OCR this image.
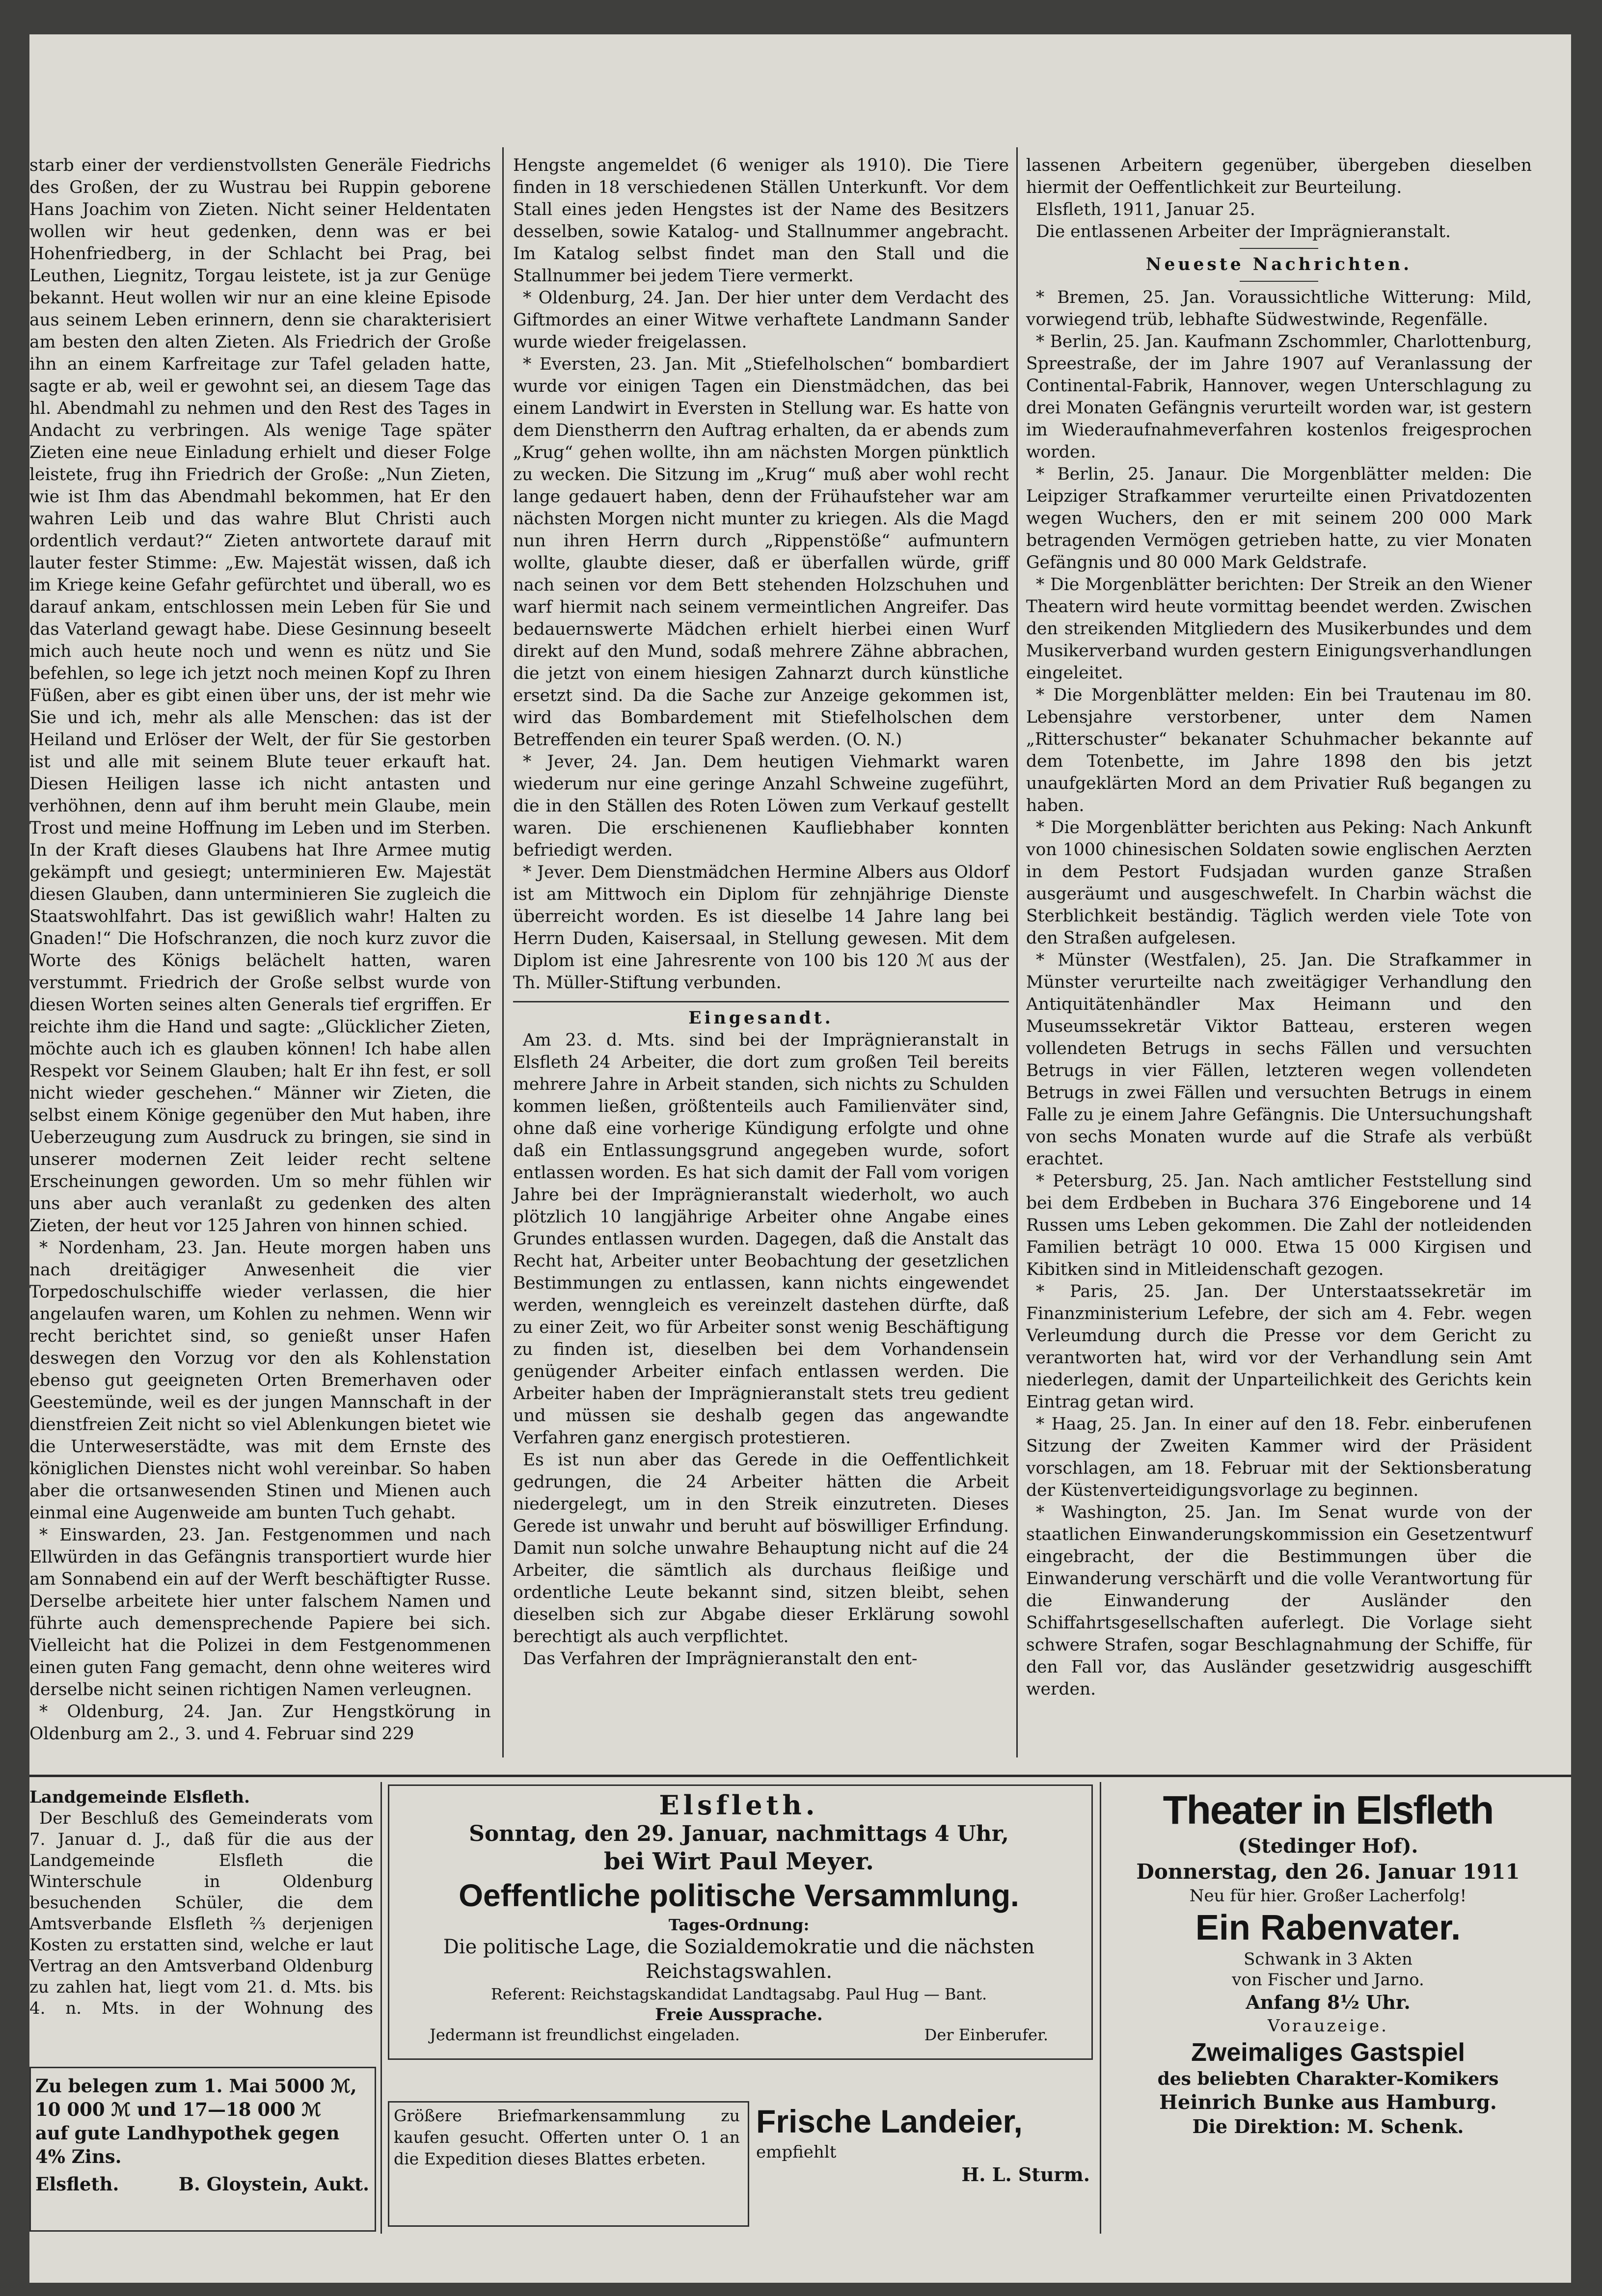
starb einer der verdienstvollsten Generäle Fiedrichs des Großen, der zu Wustrau bei Ruppin geborene Hans Joachim von Zieten. Nicht seiner Heldentaten wollen wir heut gedenken, denn was er bei Hohenfriedberg, in der Schlacht bei Prag, bei Leuthen, Liegnitz, Torgau leistete, ist ja zur Genüge bekannt. Heut wollen wir nur an eine kleine Episode aus seinem Leben erinnern, denn sie charakterisiert am besten den alten Zieten. Als Friedrich der Große ihn an einem Karfreitage zur Tafel geladen hatte, sagte er ab, weil er gewohnt sei, an diesem Tage das hl. Abendmahl zu nehmen und den Rest des Tages in Andacht zu verbringen. Als wenige Tage später Zieten eine neue Einladung erhielt und dieser Folge leistete, frug ihn Friedrich der Große: „Nun Zieten, wie ist Ihm das Abendmahl bekommen, hat Er den wahren Leib und das wahre Blut Christi auch ordentlich verdaut?“ Zieten antwortete darauf mit lauter fester Stimme: „Ew. Majestät wissen, daß ich im Kriege keine Gefahr gefürchtet und überall, wo es darauf ankam, entschlossen mein Leben für Sie und das Vaterland gewagt habe. Diese Gesinnung beseelt mich auch heute noch und wenn es nütz und Sie befehlen, so lege ich jetzt noch meinen Kopf zu Ihren Füßen, aber es gibt einen über uns, der ist mehr wie Sie und ich, mehr als alle Menschen: das ist der Heiland und Erlöser der Welt, der für Sie gestorben ist und alle mit seinem Blute teuer erkauft hat. Diesen Heiligen lasse ich nicht antasten und verhöhnen, denn auf ihm beruht mein Glaube, mein Trost und meine Hoffnung im Leben und im Sterben. In der Kraft dieses Glaubens hat Ihre Armee mutig gekämpft und gesiegt; unterminieren Ew. Majestät diesen Glauben, dann unterminieren Sie zugleich die Staatswohlfahrt. Das ist gewißlich wahr! Halten zu Gnaden!“ Die Hofschranzen, die noch kurz zuvor die Worte des Königs belächelt hatten, waren verstummt. Friedrich der Große selbst wurde von diesen Worten seines alten Generals tief ergriffen. Er reichte ihm die Hand und sagte: „Glücklicher Zieten, möchte auch ich es glauben können! Ich habe allen Respekt vor Seinem Glauben; halt Er ihn fest, er soll nicht wieder geschehen.“ Männer wir Zieten, die selbst einem Könige gegenüber den Mut haben, ihre Ueberzeugung zum Ausdruck zu bringen, sie sind in unserer modernen Zeit leider recht seltene Erscheinungen geworden. Um so mehr fühlen wir uns aber auch veranlaßt zu gedenken des alten Zieten, der heut vor 125 Jahren von hinnen schied.

* Nordenham, 23. Jan. Heute morgen haben uns nach dreitägiger Anwesenheit die vier Torpedoschulschiffe wieder verlassen, die hier angelaufen waren, um Kohlen zu nehmen. Wenn wir recht berichtet sind, so genießt unser Hafen deswegen den Vorzug vor den als Kohlenstation ebenso gut geeigneten Orten Bremerhaven oder Geestemünde, weil es der jungen Mannschaft in der dienstfreien Zeit nicht so viel Ablenkungen bietet wie die Unterweserstädte, was mit dem Ernste des königlichen Dienstes nicht wohl vereinbar. So haben aber die ortsanwesenden Stinen und Mienen auch einmal eine Augenweide am bunten Tuch gehabt.

* Einswarden, 23. Jan. Festgenommen und nach Ellwürden in das Gefängnis transportiert wurde hier am Sonnabend ein auf der Werft beschäftigter Russe. Derselbe arbeitete hier unter falschem Namen und führte auch demensprechende Papiere bei sich. Vielleicht hat die Polizei in dem Festgenommenen einen guten Fang gemacht, denn ohne weiteres wird derselbe nicht seinen richtigen Namen verleugnen.

* Oldenburg, 24. Jan. Zur Hengstkörung in Oldenburg am 2., 3. und 4. Februar sind 229

Hengste angemeldet (6 weniger als 1910). Die Tiere finden in 18 verschiedenen Ställen Unterkunft. Vor dem Stall eines jeden Hengstes ist der Name des Besitzers desselben, sowie Katalog- und Stallnummer angebracht. Im Katalog selbst findet man den Stall und die Stallnummer bei jedem Tiere vermerkt.

* Oldenburg, 24. Jan. Der hier unter dem Verdacht des Giftmordes an einer Witwe verhaftete Landmann Sander wurde wieder freigelassen.

* Eversten, 23. Jan. Mit „Stiefelholschen“ bombardiert wurde vor einigen Tagen ein Dienstmädchen, das bei einem Landwirt in Eversten in Stellung war. Es hatte von dem Dienstherrn den Auftrag erhalten, da er abends zum „Krug“ gehen wollte, ihn am nächsten Morgen pünktlich zu wecken. Die Sitzung im „Krug“ muß aber wohl recht lange gedauert haben, denn der Frühaufsteher war am nächsten Morgen nicht munter zu kriegen. Als die Magd nun ihren Herrn durch „Rippenstöße“ aufmuntern wollte, glaubte dieser, daß er überfallen würde, griff nach seinen vor dem Bett stehenden Holzschuhen und warf hiermit nach seinem vermeintlichen Angreifer. Das bedauernswerte Mädchen erhielt hierbei einen Wurf direkt auf den Mund, sodaß mehrere Zähne abbrachen, die jetzt von einem hiesigen Zahnarzt durch künstliche ersetzt sind. Da die Sache zur Anzeige gekommen ist, wird das Bombardement mit Stiefelholschen dem Betreffenden ein teurer Spaß werden. (O. N.)

* Jever, 24. Jan. Dem heutigen Viehmarkt waren wiederum nur eine geringe Anzahl Schweine zugeführt, die in den Ställen des Roten Löwen zum Verkauf gestellt waren. Die erschienenen Kaufliebhaber konnten befriedigt werden.

* Jever. Dem Dienstmädchen Hermine Albers aus Oldorf ist am Mittwoch ein Diplom für zehnjährige Dienste überreicht worden. Es ist dieselbe 14 Jahre lang bei Herrn Duden, Kaisersaal, in Stellung gewesen. Mit dem Diplom ist eine Jahresrente von 100 bis 120 ℳ aus der Th. Müller-Stiftung verbunden.

Eingesandt.

Am 23. d. Mts. sind bei der Imprägnieranstalt in Elsfleth 24 Arbeiter, die dort zum großen Teil bereits mehrere Jahre in Arbeit standen, sich nichts zu Schulden kommen ließen, größtenteils auch Familienväter sind, ohne daß eine vorherige Kündigung erfolgte und ohne daß ein Entlassungsgrund angegeben wurde, sofort entlassen worden. Es hat sich damit der Fall vom vorigen Jahre bei der Imprägnieranstalt wiederholt, wo auch plötzlich 10 langjährige Arbeiter ohne Angabe eines Grundes entlassen wurden. Dagegen, daß die Anstalt das Recht hat, Arbeiter unter Beobachtung der gesetzlichen Bestimmungen zu entlassen, kann nichts eingewendet werden, wenngleich es vereinzelt dastehen dürfte, daß zu einer Zeit, wo für Arbeiter sonst wenig Beschäftigung zu finden ist, dieselben bei dem Vorhandensein genügender Arbeiter einfach entlassen werden. Die Arbeiter haben der Imprägnieranstalt stets treu gedient und müssen sie deshalb gegen das angewandte Verfahren ganz energisch protestieren.

Es ist nun aber das Gerede in die Oeffentlichkeit gedrungen, die 24 Arbeiter hätten die Arbeit niedergelegt, um in den Streik einzutreten. Dieses Gerede ist unwahr und beruht auf böswilliger Erfindung. Damit nun solche unwahre Behauptung nicht auf die 24 Arbeiter, die sämtlich als durchaus fleißige und ordentliche Leute bekannt sind, sitzen bleibt, sehen dieselben sich zur Abgabe dieser Erklärung sowohl berechtigt als auch verpflichtet.

Das Verfahren der Imprägnieranstalt den ent-

lassenen Arbeitern gegenüber, übergeben dieselben hiermit der Oeffentlichkeit zur Beurteilung.

Elsfleth, 1911, Januar 25.

Die entlassenen Arbeiter der Imprägnieranstalt.

Neueste Nachrichten.

* Bremen, 25. Jan. Voraussichtliche Witterung: Mild, vorwiegend trüb, lebhafte Südwestwinde, Regenfälle.

* Berlin, 25. Jan. Kaufmann Zschommler, Charlottenburg, Spreestraße, der im Jahre 1907 auf Veranlassung der Continental-Fabrik, Hannover, wegen Unterschlagung zu drei Monaten Gefängnis verurteilt worden war, ist gestern im Wiederaufnahmeverfahren kostenlos freigesprochen worden.

* Berlin, 25. Janaur. Die Morgenblätter melden: Die Leipziger Strafkammer verurteilte einen Privatdozenten wegen Wuchers, den er mit seinem 200 000 Mark betragenden Vermögen getrieben hatte, zu vier Monaten Gefängnis und 80 000 Mark Geldstrafe.

* Die Morgenblätter berichten: Der Streik an den Wiener Theatern wird heute vormittag beendet werden. Zwischen den streikenden Mitgliedern des Musikerbundes und dem Musikerverband wurden gestern Einigungsverhandlungen eingeleitet.

* Die Morgenblätter melden: Ein bei Trautenau im 80. Lebensjahre verstorbener, unter dem Namen „Ritterschuster“ bekanater Schuhmacher bekannte auf dem Totenbette, im Jahre 1898 den bis jetzt unaufgeklärten Mord an dem Privatier Ruß begangen zu haben.

* Die Morgenblätter berichten aus Peking: Nach Ankunft von 1000 chinesischen Soldaten sowie englischen Aerzten in dem Pestort Fudsjadan wurden ganze Straßen ausgeräumt und ausgeschwefelt. In Charbin wächst die Sterblichkeit beständig. Täglich werden viele Tote von den Straßen aufgelesen.

* Münster (Westfalen), 25. Jan. Die Strafkammer in Münster verurteilte nach zweitägiger Verhandlung den Antiquitätenhändler Max Heimann und den Museumssekretär Viktor Batteau, ersteren wegen vollendeten Betrugs in sechs Fällen und versuchten Betrugs in vier Fällen, letzteren wegen vollendeten Betrugs in zwei Fällen und versuchten Betrugs in einem Falle zu je einem Jahre Gefängnis. Die Untersuchungshaft von sechs Monaten wurde auf die Strafe als verbüßt erachtet.

* Petersburg, 25. Jan. Nach amtlicher Feststellung sind bei dem Erdbeben in Buchara 376 Eingeborene und 14 Russen ums Leben gekommen. Die Zahl der notleidenden Familien beträgt 10 000. Etwa 15 000 Kirgisen und Kibitken sind in Mitleidenschaft gezogen.

* Paris, 25. Jan. Der Unterstaatssekretär im Finanzministerium Lefebre, der sich am 4. Febr. wegen Verleumdung durch die Presse vor dem Gericht zu verantworten hat, wird vor der Verhandlung sein Amt niederlegen, damit der Unparteilichkeit des Gerichts kein Eintrag getan wird.

* Haag, 25. Jan. In einer auf den 18. Febr. einberufenen Sitzung der Zweiten Kammer wird der Präsident vorschlagen, am 18. Februar mit der Sektionsberatung der Küstenverteidigungsvorlage zu beginnen.

* Washington, 25. Jan. Im Senat wurde von der staatlichen Einwanderungskommission ein Gesetzentwurf eingebracht, der die Bestimmungen über die Einwanderung verschärft und die volle Verantwortung für die Einwanderung der Ausländer den Schiffahrtsgesellschaften auferlegt. Die Vorlage sieht schwere Strafen, sogar Beschlagnahmung der Schiffe, für den Fall vor, das Ausländer gesetzwidrig ausgeschifft werden.

Landgemeinde Elsfleth.

Der Beschluß des Gemeinderats vom 7. Januar d. J., daß für die aus der Landgemeinde Elsfleth die Winterschule in Oldenburg besuchenden Schüler, die dem Amtsverbande Elsfleth ⅔ derjenigen Kosten zu erstatten sind, welche er laut Vertrag an den Amtsverband Oldenburg zu zahlen hat, liegt vom 21. d. Mts. bis 4. n. Mts. in der Wohnung des

Zu belegen zum 1. Mai 5000 ℳ,

10 000 ℳ und 17—18 000 ℳ

auf gute Landhypothek gegen 4% Zins.

Elsfleth.	B. Gloystein, Aukt.

Elsfleth.

Sonntag, den 29. Januar, nachmittags 4 Uhr,

bei Wirt Paul Meyer.

Oeffentliche politische Versammlung.

Tages-Ordnung:

Die politische Lage, die Sozialdemokratie und die nächsten Reichstagswahlen.

Referent: Reichstagskandidat Landtagsabg. Paul Hug — Bant.

Freie Aussprache.

Jedermann ist freundlichst eingeladen.	Der Einberufer.

Größere Briefmarkensammlung zu kaufen gesucht. Offerten unter O. 1 an die Expedition dieses Blattes erbeten.

Frische Landeier,

empfiehlt

H. L. Sturm.

Theater in Elsfleth

(Stedinger Hof).

Donnerstag, den 26. Januar 1911

Neu für hier. Großer Lacherfolg!

Ein Rabenvater.

Schwank in 3 Akten

von Fischer und Jarno.

Anfang 8½ Uhr.

Vorauzeige.

Zweimaliges Gastspiel

des beliebten Charakter-Komikers

Heinrich Bunke aus Hamburg.

Die Direktion: M. Schenk.
